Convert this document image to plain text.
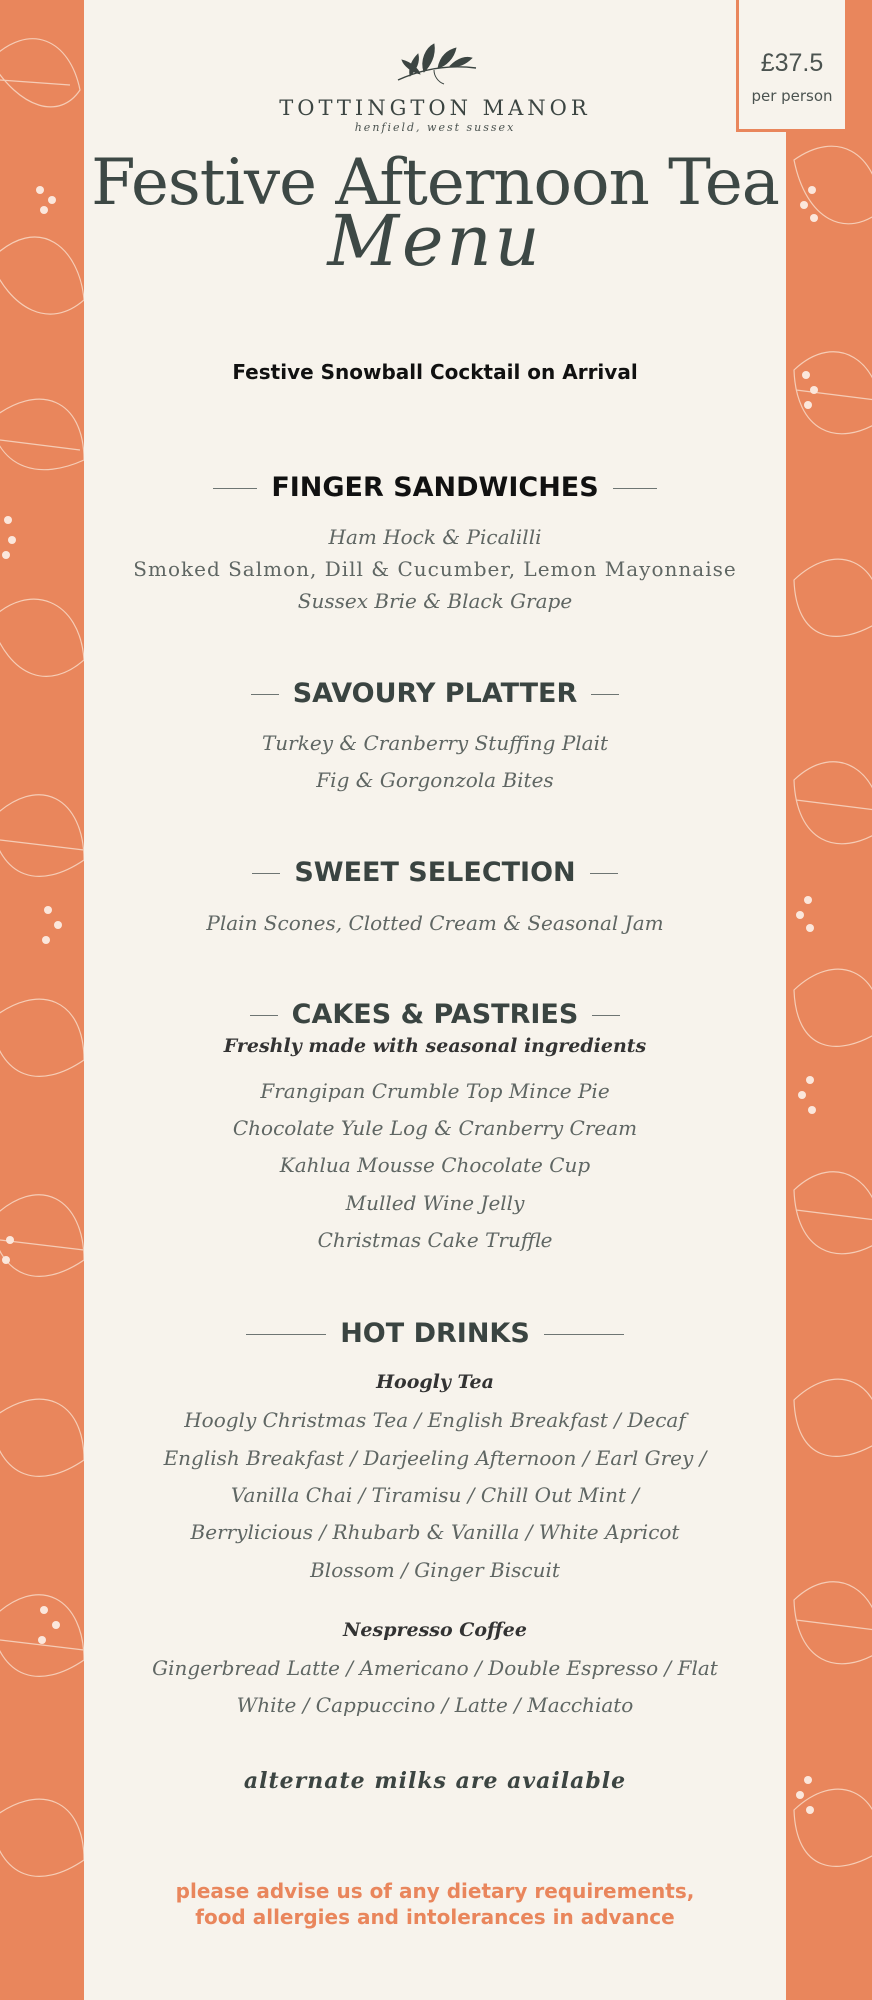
£37.5
per person
TOTTINGTON MANOR
henfield, west sussex
Festive Afternoon Tea
Menu
Festive Snowball Cocktail on Arrival
FINGER SANDWICHES
Ham Hock & Picalilli
Smoked Salmon, Dill & Cucumber, Lemon Mayonnaise
Sussex Brie & Black Grape
SAVOURY PLATTER
Turkey & Cranberry Stuffing Plait
Fig & Gorgonzola Bites
SWEET SELECTION
Plain Scones, Clotted Cream & Seasonal Jam
CAKES & PASTRIES
Freshly made with seasonal ingredients
Frangipan Crumble Top Mince Pie
Chocolate Yule Log & Cranberry Cream
Kahlua Mousse Chocolate Cup
Mulled Wine Jelly
Christmas Cake Truffle
HOT DRINKS
Hoogly Tea
Hoogly Christmas Tea / English Breakfast / Decaf
English Breakfast / Darjeeling Afternoon / Earl Grey /
Vanilla Chai / Tiramisu / Chill Out Mint /
Berrylicious / Rhubarb & Vanilla / White Apricot
Blossom / Ginger Biscuit
Nespresso Coffee
Gingerbread Latte / Americano / Double Espresso / Flat
White / Cappuccino / Latte / Macchiato
alternate milks are available
please advise us of any dietary requirements,
food allergies and intolerances in advance
